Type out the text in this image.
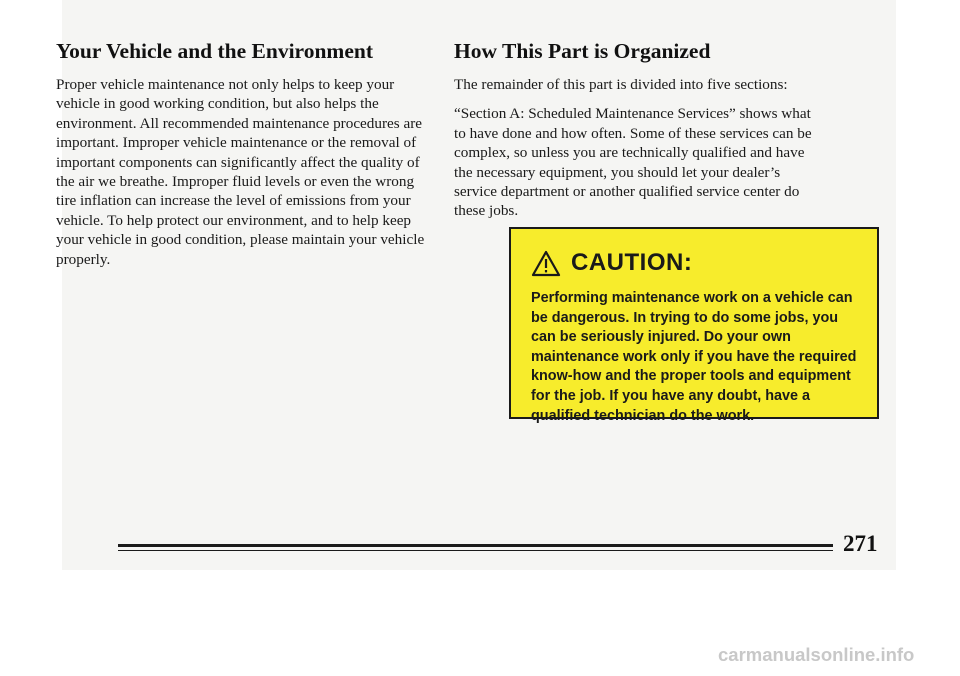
Your Vehicle and the Environment

Proper vehicle maintenance not only helps to keep your vehicle in good working condition, but also helps the environment. All recommended maintenance procedures are important. Improper vehicle maintenance or the removal of important components can significantly affect the quality of the air we breathe. Improper fluid levels or even the wrong tire inflation can increase the level of emissions from your vehicle. To help protect our environment, and to help keep your vehicle in good condition, please maintain your vehicle properly.

How This Part is Organized

The remainder of this part is divided into five sections:

“Section A: Scheduled Maintenance Services” shows what to have done and how often. Some of these services can be complex, so unless you are technically qualified and have the necessary equipment, you should let your dealer’s service department or another qualified service center do these jobs.

CAUTION:

Performing maintenance work on a vehicle can be dangerous. In trying to do some jobs, you can be seriously injured. Do your own maintenance work only if you have the required know-how and the proper tools and equipment for the job. If you have any doubt, have a qualified technician do the work.

271
carmanualsonline.info
